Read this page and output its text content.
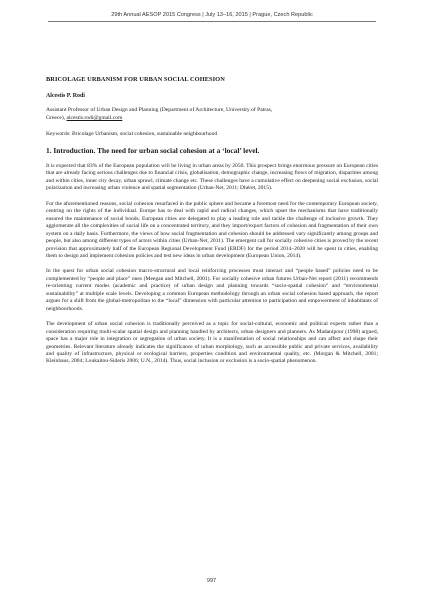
29th Annual AESOP 2015 Congress | July 13–16, 2015 | Prague, Czech Republic
BRICOLAGE URBANISM FOR URBAN SOCIAL COHESION
Alcestis P. Rodi
Assistant Professor of Urban Design and Planning (Department of Architecture, University of Patras,
Greece), alcestis.rodi@gmail.com
Keywords: Bricolage Urbanism, social cohesion, sustainable neighbourhood
1. Introduction. The need for urban social cohesion at a ‘local’ level.

It is expected that 83% of the European population will be living in urban areas by 2050. This prospect brings enormous pressure on European cities that are already facing serious challenges due to financial crisis, globalisation, demographic change, increasing flows of migration, disparities among and within cities, inner city decay, urban sprawl, climate change etc. These challenges have a cumulative effect on deepening social exclusion, social polarization and increasing urban violence and spatial segmentation (Urban-Net, 2011; Dhéret, 2015).

For the aforementioned reasons, social cohesion resurfaced in the public sphere and became a foremost need for the contemporary European society, centring on the rights of the individual. Europe has to deal with rapid and radical changes, which upset the mechanisms that have traditionally ensured the maintenance of social bonds. European cities are delegated to play a leading role and tackle the challenge of inclusive growth. They agglomerate all the complexities of social life on a concentrated territory, and they import/export factors of cohesion and fragmentation of their own system on a daily basis. Furthermore, the views of how social fragmentation and cohesion should be addressed vary significantly among groups and people, but also among different types of actors within cities (Urban-Net, 2011). The emergent call for socially cohesive cities is proved by the recent provision that approximately half of the European Regional Development Fund (ERDF) for the period 2014–2020 will be spent in cities, enabling them to design and implement cohesion policies and test new ideas in urban development (European Union, 2014).

In the quest for urban social cohesion macro-structural and local reinforcing processes must interact and “people based” policies need to be complemented by “people and place” ones (Meegan and Mitchell, 2001). For socially cohesive urban futures Urban-Net report (2011) recommends re-orienting current modes (academic and practice) of urban design and planning towards “socio-spatial cohesion” and “environmental sustainability” at multiple scale levels. Developing a common European methodology through an urban social cohesion based approach, the report argues for a shift from the global-metropolitan to the “local” dimension with particular attention to participation and empowerment of inhabitants of neighbourhoods.

The development of urban social cohesion is traditionally perceived as a topic for social-cultural, economic and political experts rather than a consideration requiring multi-scalar spatial design and planning handled by architects, urban designers and planners. As Madanipour (1998) argued, space has a major role in integration or segregation of urban society. It is a manifestation of social relationships and can affect and shape their geometries. Relevant literature already indicates the significance of urban morphology, such as accessible public and private services, availability and quality of infrastructure, physical or ecological barriers, properties condition and environmental quality, etc. (Morgan & Mitchell, 2001; Kleinhaus, 2004; Loukaitou-Sideris 2006; U.N., 2014). Thus, social inclusion or exclusion is a socio-spatial phenomenon.

997
